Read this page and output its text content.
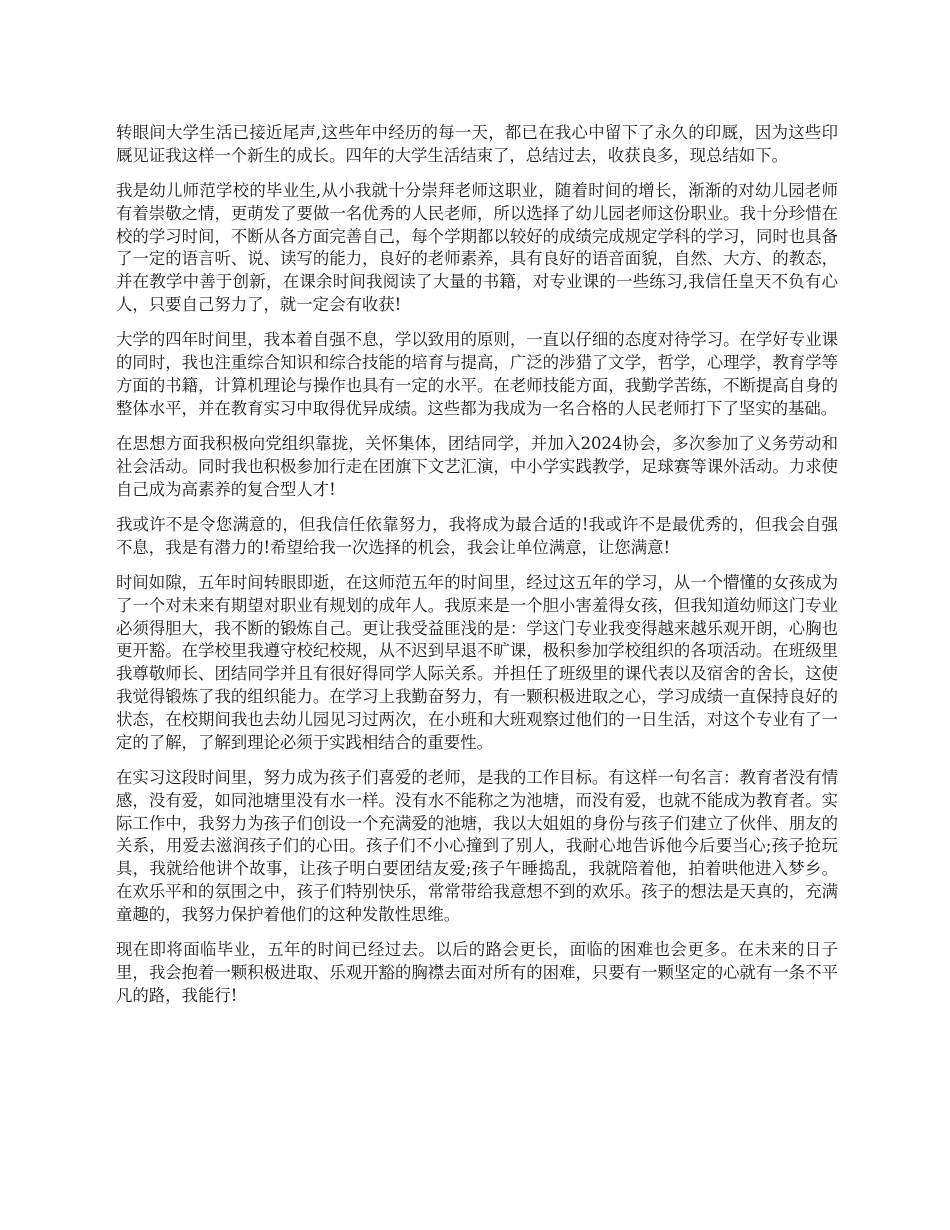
转眼间大学生活已接近尾声,这些年中经历的每一天，都已在我心中留下了永久的印厩，因为这些印厩见证我这样一个新生的成长。四年的大学生活结束了，总结过去，收获良多，现总结如下。

我是幼儿师范学校的毕业生,从小我就十分崇拜老师这职业，随着时间的增长，渐渐的对幼儿园老师有着崇敬之情，更萌发了要做一名优秀的人民老师，所以选择了幼儿园老师这份职业。我十分珍惜在校的学习时间，不断从各方面完善自己，每个学期都以较好的成绩完成规定学科的学习，同时也具备了一定的语言听、说、读写的能力，良好的老师素养，具有良好的语音面貌，自然、大方、的教态，并在教学中善于创新，在课余时间我阅读了大量的书籍，对专业课的一些练习,我信任皇天不负有心人，只要自己努力了，就一定会有收获!

大学的四年时间里，我本着自强不息，学以致用的原则，一直以仔细的态度对待学习。在学好专业课的同时，我也注重综合知识和综合技能的培育与提高，广泛的涉猎了文学，哲学，心理学，教育学等方面的书籍，计算机理论与操作也具有一定的水平。在老师技能方面，我勤学苦练，不断提高自身的整体水平，并在教育实习中取得优异成绩。这些都为我成为一名合格的人民老师打下了坚实的基础。

在思想方面我积极向党组织靠拢，关怀集体，团结同学，并加入2024协会，多次参加了义务劳动和社会活动。同时我也积极参加行走在团旗下文艺汇演，中小学实践教学，足球赛等课外活动。力求使自己成为高素养的复合型人才!

我或许不是令您满意的，但我信任依靠努力，我将成为最合适的!我或许不是最优秀的，但我会自强不息，我是有潜力的!希望给我一次选择的机会，我会让单位满意，让您满意!

时间如隙，五年时间转眼即逝，在这师范五年的时间里，经过这五年的学习，从一个懵懂的女孩成为了一个对未来有期望对职业有规划的成年人。我原来是一个胆小害羞得女孩，但我知道幼师这门专业必须得胆大，我不断的锻炼自己。更让我受益匪浅的是：学这门专业我变得越来越乐观开朗，心胸也更开豁。在学校里我遵守校纪校规，从不迟到早退不旷课，极积参加学校组织的各项活动。在班级里我尊敬师长、团结同学并且有很好得同学人际关系。并担任了班级里的课代表以及宿舍的舍长，这使我觉得锻炼了我的组织能力。在学习上我勤奋努力，有一颗积极进取之心，学习成绩一直保持良好的状态，在校期间我也去幼儿园见习过两次，在小班和大班观察过他们的一日生活，对这个专业有了一定的了解，了解到理论必须于实践相结合的重要性。

在实习这段时间里，努力成为孩子们喜爱的老师，是我的工作目标。有这样一句名言：教育者没有情感，没有爱，如同池塘里没有水一样。没有水不能称之为池塘，而没有爱，也就不能成为教育者。实际工作中，我努力为孩子们创设一个充满爱的池塘，我以大姐姐的身份与孩子们建立了伙伴、朋友的关系，用爱去滋润孩子们的心田。孩子们不小心撞到了别人，我耐心地告诉他今后要当心;孩子抢玩具，我就给他讲个故事，让孩子明白要团结友爱;孩子午睡捣乱，我就陪着他，拍着哄他进入梦乡。在欢乐平和的氛围之中，孩子们特别快乐，常常带给我意想不到的欢乐。孩子的想法是天真的，充满童趣的，我努力保护着他们的这种发散性思维。

现在即将面临毕业，五年的时间已经过去。以后的路会更长，面临的困难也会更多。在未来的日子里，我会抱着一颗积极进取、乐观开豁的胸襟去面对所有的困难，只要有一颗坚定的心就有一条不平凡的路，我能行!
